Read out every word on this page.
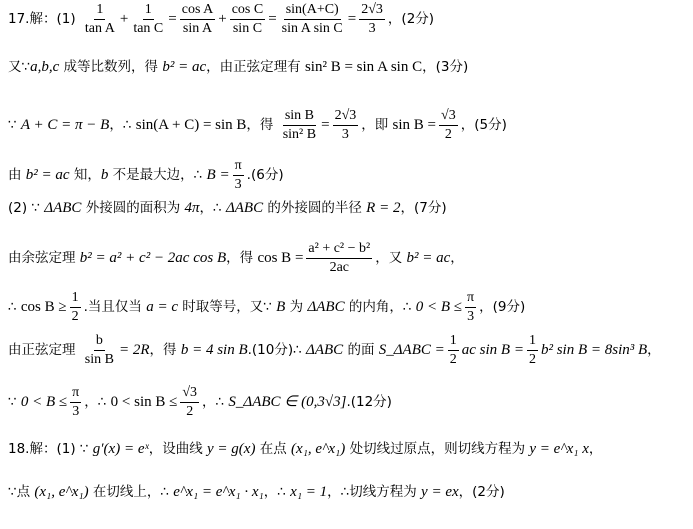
17.解：$(1) \frac{1}{\text{tan A}} + \frac{1}{\text{tan C}} = \frac{\text{cos A}}{\text{sin A}} + \frac{\text{cos C}}{\text{sin C}} = \frac{\sin(A+C)}{\text{sin A sin C}} = \frac{2√3}{3}$ ，(2分)
又∵ a,b,c 成等比数列，得 b² = ac ，由正弦定理有 sin² B = sin A sin C ，(3分)
∵ A + C = π − B ，∴ sin(A + C) = sin B ，得 $\frac{\text{sin B}}{\text{sin² B}} = \frac{2√3}{3}$ ，即 $\sin B = \frac{√3}{2}$ ，(5分)
由 b² = ac 知， b 不是最大边，∴ $B = \frac{\pi}{3} .(6$分)
(2) ∵ ΔABC 外接圆的面积为 4π ，∴ ΔABC 的外接圆的半径 R = 2 ，(7分)
由余弦定理 b² = a² + c² − 2ac cos B ，得 $\cos B = \frac{\text{a² + c² − b²}}{2ac}$ ，又 b² = ac ，
∴ $\cos B \ge \frac{1}{2}$ .当且仅当 a = c 时取等号，又∵ B 为 ΔABC 的内角，∴ $0 < B \le \frac{\pi}{3}$ ，(9分)
由正弦定理 $\frac{b}{\text{sin B}} = 2R$ ，得 b = 4 sin B .(10分)∴ ΔABC 的面 S_ΔABC = $\frac{1}{2}$ ac $\sin B = \frac{1}{2} b^2$ sin B = 8sin³ B ，
∵ $0 < B \le \frac{\pi}{3}$ ，∴ $0 < \sin B \le \frac{√3}{2}$ ，∴ S_ΔABC ∈ (0,3√3] .(12分)
18.解：(1) ∵ g′(x) = eˣ ，设曲线 y = g(x) 在点 (x₁, e^x₁) 处切线过原点，则切线方程为 y = e^x₁ x ，
∵点 (x₁, e^x₁) 在切线上，∴ e^x₁ = e^x₁ · x₁ ，∴ x₁ = 1 ，∴切线方程为 y = ex ，(2分)
